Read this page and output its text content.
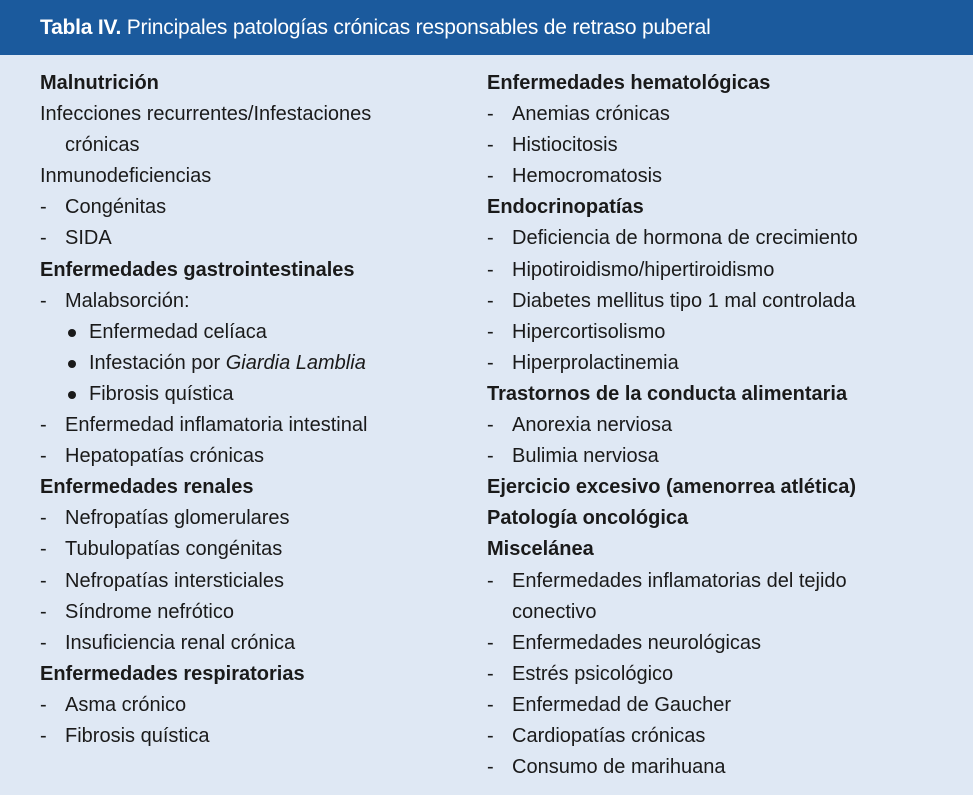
Tabla IV. Principales patologías crónicas responsables de retraso puberal
Malnutrición
Infecciones recurrentes/Infestaciones
crónicas
Inmunodeficiencias
- Congénitas
- SIDA
Enfermedades gastrointestinales
- Malabsorción:
Enfermedad celíaca
Infestación por Giardia Lamblia
Fibrosis quística
- Enfermedad inflamatoria intestinal
- Hepatopatías crónicas
Enfermedades renales
- Nefropatías glomerulares
- Tubulopatías congénitas
- Nefropatías intersticiales
- Síndrome nefrótico
- Insuficiencia renal crónica
Enfermedades respiratorias
- Asma crónico
- Fibrosis quística
Enfermedades hematológicas
- Anemias crónicas
- Histiocitosis
- Hemocromatosis
Endocrinopatías
- Deficiencia de hormona de crecimiento
- Hipotiroidismo/hipertiroidismo
- Diabetes mellitus tipo 1 mal controlada
- Hipercortisolismo
- Hiperprolactinemia
Trastornos de la conducta alimentaria
- Anorexia nerviosa
- Bulimia nerviosa
Ejercicio excesivo (amenorrea atlética)
Patología oncológica
Miscelánea
- Enfermedades inflamatorias del tejido
conectivo
- Enfermedades neurológicas
- Estrés psicológico
- Enfermedad de Gaucher
- Cardiopatías crónicas
- Consumo de marihuana
